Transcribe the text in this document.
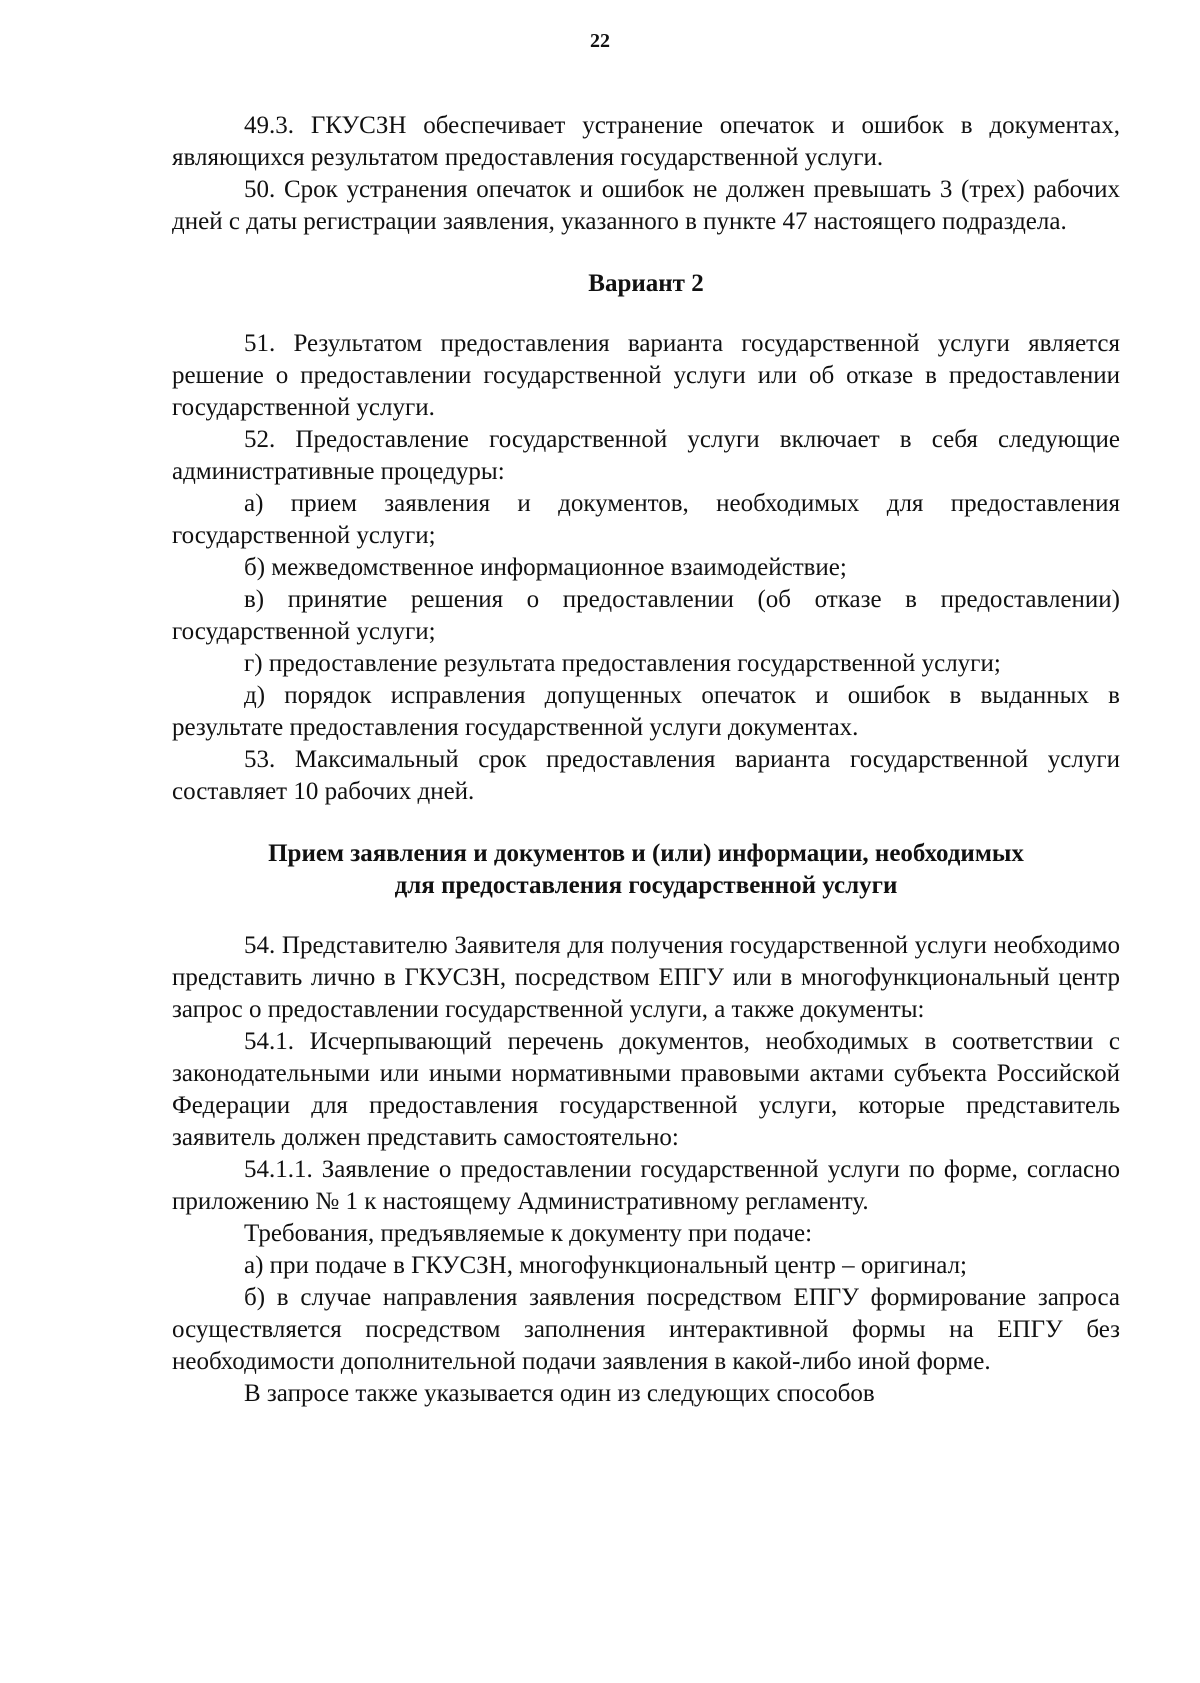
22

49.3. ГКУСЗН обеспечивает устранение опечаток и ошибок в документах, являющихся результатом предоставления государственной услуги.

50. Срок устранения опечаток и ошибок не должен превышать 3 (трех) рабочих дней с даты регистрации заявления, указанного в пункте 47 настоящего подраздела.

Вариант 2

51. Результатом предоставления варианта государственной услуги является решение о предоставлении государственной услуги или об отказе в предоставлении государственной услуги.

52. Предоставление государственной услуги включает в себя следующие административные процедуры:

а) прием заявления и документов, необходимых для предоставления государственной услуги;

б) межведомственное информационное взаимодействие;

в) принятие решения о предоставлении (об отказе в предоставлении) государственной услуги;

г) предоставление результата предоставления государственной услуги;

д) порядок исправления допущенных опечаток и ошибок в выданных в результате предоставления государственной услуги документах.

53. Максимальный срок предоставления варианта государственной услуги составляет 10 рабочих дней.

Прием заявления и документов и (или) информации, необходимых

для предоставления государственной услуги

54. Представителю Заявителя для получения государственной услуги необходимо представить лично в ГКУСЗН, посредством ЕПГУ или в многофункциональный центр запрос о предоставлении государственной услуги, а также документы:

54.1. Исчерпывающий перечень документов, необходимых в соответствии с законодательными или иными нормативными правовыми актами субъекта Российской Федерации для предоставления государственной услуги, которые представитель заявитель должен представить самостоятельно:

54.1.1. Заявление о предоставлении государственной услуги по форме, согласно приложению № 1 к настоящему Административному регламенту.

Требования, предъявляемые к документу при подаче:

а) при подаче в ГКУСЗН, многофункциональный центр – оригинал;

б) в случае направления заявления посредством ЕПГУ формирование запроса осуществляется посредством заполнения интерактивной формы на ЕПГУ без необходимости дополнительной подачи заявления в какой-либо иной форме.

В запросе также указывается один из следующих способов
